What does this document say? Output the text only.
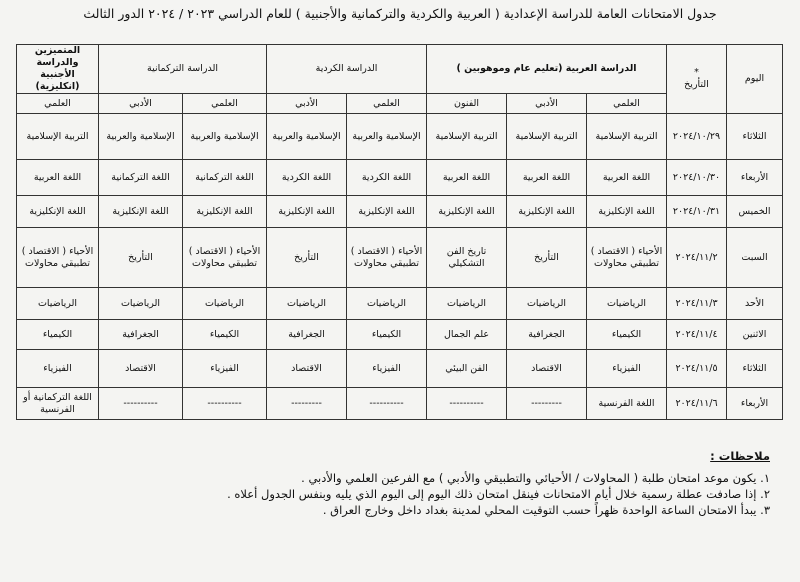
جدول الامتحانات العامة للدراسة الإعدادية ( العربية والكردية والتركمانية والأجنبية ) للعام الدراسي ٢٠٢٣ / ٢٠٢٤ الدور الثالث
اليوم	*
التأريخ	الدراسة العربية (تعليم عام وموهوبين )			الدراسة الكردية		الدراسة التركمانية		المتميزين والدراسة الأجنبية (انكليزية)
		العلمي	الأدبي	الفنون	العلمي	الأدبي	العلمي	الأدبي	العلمي
الثلاثاء	٢٠٢٤/١٠/٢٩	التربية الإسلامية	التربية الإسلامية	التربية الإسلامية	الإسلامية والعربية	الإسلامية والعربية	الإسلامية والعربية	الإسلامية والعربية	التربية الإسلامية
الأربعاء	٢٠٢٤/١٠/٣٠	اللغة العربية	اللغة العربية	اللغة العربية	اللغة الكردية	اللغة الكردية	اللغة التركمانية	اللغة التركمانية	اللغة العربية
الخميس	٢٠٢٤/١٠/٣١	اللغة الإنكليزية	اللغة الإنكليزية	اللغة الإنكليزية	اللغة الإنكليزية	اللغة الإنكليزية	اللغة الإنكليزية	اللغة الإنكليزية	اللغة الإنكليزية
السبت	٢٠٢٤/١١/٢	الأحياء ( الاقتصاد ) تطبيقي محاولات	التأريخ	تاريخ الفن التشكيلي	الأحياء ( الاقتصاد ) تطبيقي محاولات	التأريخ	الأحياء ( الاقتصاد ) تطبيقي محاولات	التأريخ	الأحياء ( الاقتصاد ) تطبيقي محاولات
الأحد	٢٠٢٤/١١/٣	الرياضيات	الرياضيات	الرياضيات	الرياضيات	الرياضيات	الرياضيات	الرياضيات	الرياضيات
الاثنين	٢٠٢٤/١١/٤	الكيمياء	الجغرافية	علم الجمال	الكيمياء	الجغرافية	الكيمياء	الجغرافية	الكيمياء
الثلاثاء	٢٠٢٤/١١/٥	الفيزياء	الاقتصاد	الفن البيئي	الفيزياء	الاقتصاد	الفيزياء	الاقتصاد	الفيزياء
الأربعاء	٢٠٢٤/١١/٦	اللغة الفرنسية	---------	----------	----------	---------	----------	----------	اللغة التركمانية أو الفرنسية
ملاحظات :
١. يكون موعد امتحان طلبة ( المحاولات / الأحيائي والتطبيقي والأدبي ) مع الفرعين العلمي والأدبي .
٢. إذا صادفت عطلة رسمية خلال أيام الامتحانات فينقل امتحان ذلك اليوم إلى اليوم الذي يليه وبنفس الجدول أعلاه .
٣. يبدأ الامتحان الساعة الواحدة ظهراً حسب التوقيت المحلي لمدينة بغداد داخل وخارج العراق .
